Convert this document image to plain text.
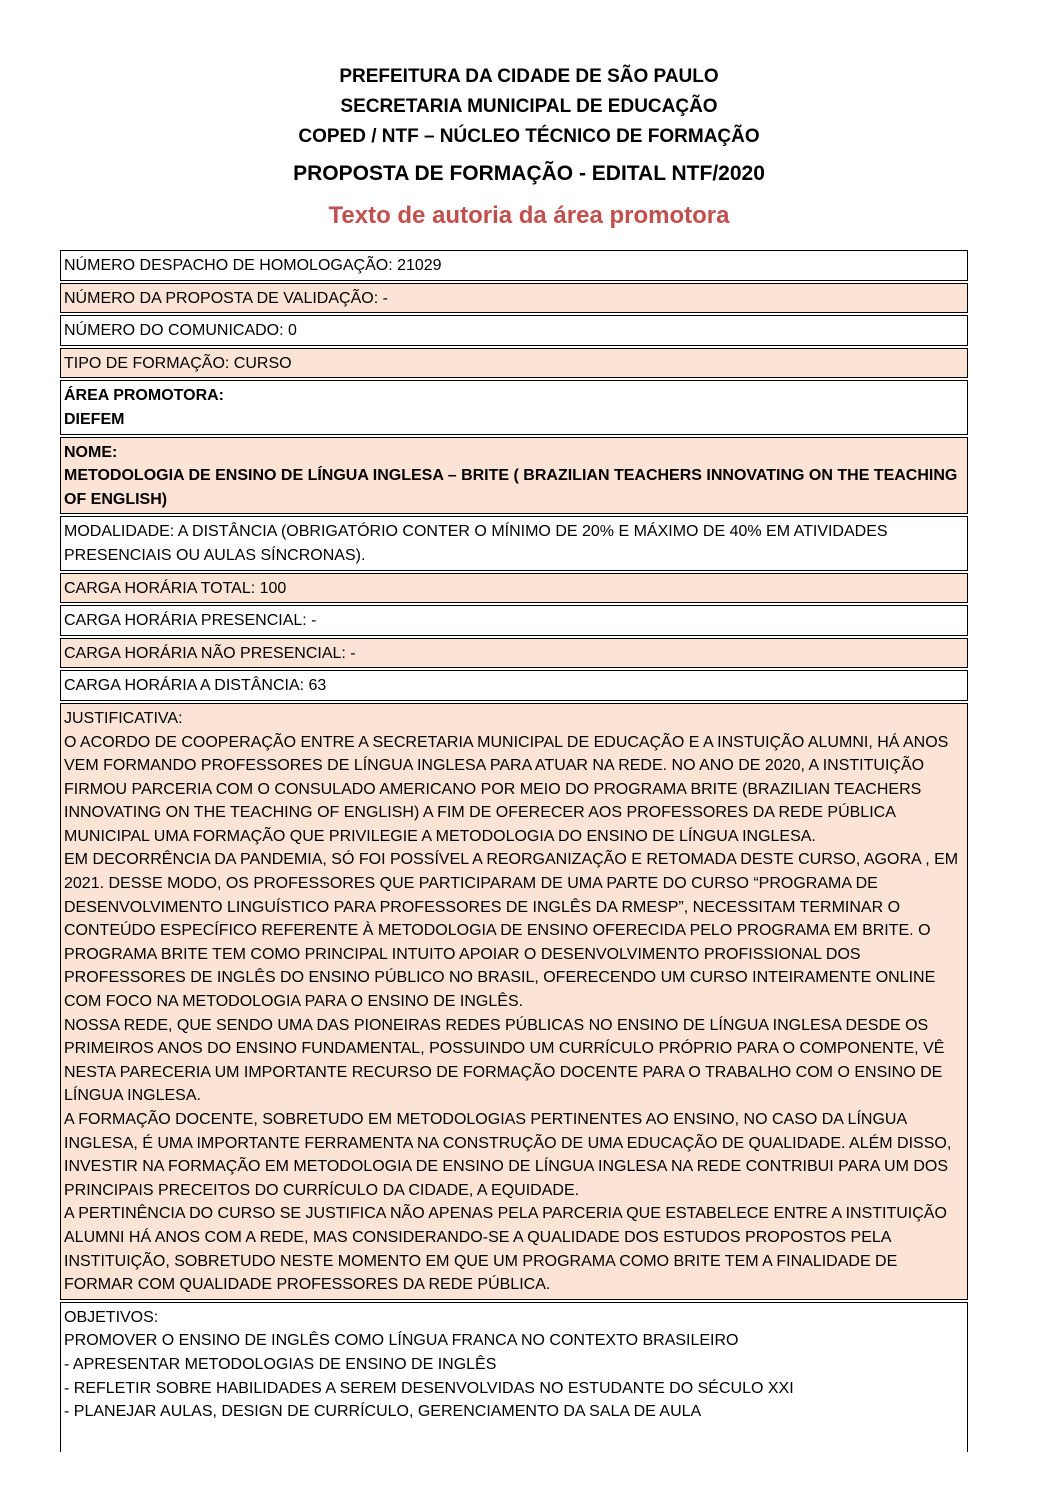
PREFEITURA DA CIDADE DE SÃO PAULO
SECRETARIA MUNICIPAL DE EDUCAÇÃO
COPED / NTF – NÚCLEO TÉCNICO DE FORMAÇÃO
PROPOSTA DE FORMAÇÃO - EDITAL NTF/2020
Texto de autoria da área promotora
NÚMERO DESPACHO DE HOMOLOGAÇÃO: 21029
NÚMERO DA PROPOSTA DE VALIDAÇÃO: -
NÚMERO DO COMUNICADO: 0
TIPO DE FORMAÇÃO: CURSO
ÁREA PROMOTORA:
DIEFEM
NOME:
METODOLOGIA DE ENSINO DE LÍNGUA INGLESA – BRITE ( BRAZILIAN TEACHERS INNOVATING ON THE TEACHING OF ENGLISH)
MODALIDADE: A DISTÂNCIA (OBRIGATÓRIO CONTER O MÍNIMO DE 20% E MÁXIMO DE 40% EM ATIVIDADES PRESENCIAIS OU AULAS SÍNCRONAS).
CARGA HORÁRIA TOTAL: 100
CARGA HORÁRIA PRESENCIAL: -
CARGA HORÁRIA NÃO PRESENCIAL: -
CARGA HORÁRIA A DISTÂNCIA: 63
JUSTIFICATIVA:
O ACORDO DE COOPERAÇÃO ENTRE A SECRETARIA MUNICIPAL DE EDUCAÇÃO E A INSTUIÇÃO ALUMNI, HÁ ANOS VEM FORMANDO PROFESSORES DE LÍNGUA INGLESA PARA ATUAR NA REDE. NO ANO DE 2020, A INSTITUIÇÃO FIRMOU PARCERIA COM O CONSULADO AMERICANO POR MEIO DO PROGRAMA BRITE (BRAZILIAN TEACHERS INNOVATING ON THE TEACHING OF ENGLISH) A FIM DE OFERECER AOS PROFESSORES DA REDE PÚBLICA MUNICIPAL UMA FORMAÇÃO QUE PRIVILEGIE A METODOLOGIA DO ENSINO DE LÍNGUA INGLESA.
EM DECORRÊNCIA DA PANDEMIA, SÓ FOI POSSÍVEL A REORGANIZAÇÃO E RETOMADA DESTE CURSO, AGORA , EM 2021. DESSE MODO, OS PROFESSORES QUE PARTICIPARAM DE UMA PARTE DO CURSO “PROGRAMA DE DESENVOLVIMENTO LINGUÍSTICO PARA PROFESSORES DE INGLÊS DA RMESP”, NECESSITAM TERMINAR O CONTEÚDO ESPECÍFICO REFERENTE À METODOLOGIA DE ENSINO OFERECIDA PELO PROGRAMA EM BRITE. O PROGRAMA BRITE TEM COMO PRINCIPAL INTUITO APOIAR O DESENVOLVIMENTO PROFISSIONAL DOS PROFESSORES DE INGLÊS DO ENSINO PÚBLICO NO BRASIL, OFERECENDO UM CURSO INTEIRAMENTE ONLINE COM FOCO NA METODOLOGIA PARA O ENSINO DE INGLÊS.
NOSSA REDE, QUE SENDO UMA DAS PIONEIRAS REDES PÚBLICAS NO ENSINO DE LÍNGUA INGLESA DESDE OS PRIMEIROS ANOS DO ENSINO FUNDAMENTAL, POSSUINDO UM CURRÍCULO PRÓPRIO PARA O COMPONENTE, VÊ NESTA PARECERIA UM IMPORTANTE RECURSO DE FORMAÇÃO DOCENTE PARA O TRABALHO COM O ENSINO DE LÍNGUA INGLESA.
A FORMAÇÃO DOCENTE, SOBRETUDO EM METODOLOGIAS PERTINENTES AO ENSINO, NO CASO DA LÍNGUA INGLESA, É UMA IMPORTANTE FERRAMENTA NA CONSTRUÇÃO DE UMA EDUCAÇÃO DE QUALIDADE. ALÉM DISSO, INVESTIR NA FORMAÇÃO EM METODOLOGIA DE ENSINO DE LÍNGUA INGLESA NA REDE CONTRIBUI PARA UM DOS PRINCIPAIS PRECEITOS DO CURRÍCULO DA CIDADE, A EQUIDADE.
A PERTINÊNCIA DO CURSO SE JUSTIFICA NÃO APENAS PELA PARCERIA QUE ESTABELECE ENTRE A INSTITUIÇÃO ALUMNI HÁ ANOS COM A REDE, MAS CONSIDERANDO-SE A QUALIDADE DOS ESTUDOS PROPOSTOS PELA INSTITUIÇÃO, SOBRETUDO NESTE MOMENTO EM QUE UM PROGRAMA COMO BRITE TEM A FINALIDADE DE FORMAR COM QUALIDADE PROFESSORES DA REDE PÚBLICA.
OBJETIVOS:
PROMOVER O ENSINO DE INGLÊS COMO LÍNGUA FRANCA NO CONTEXTO BRASILEIRO
- APRESENTAR METODOLOGIAS DE ENSINO DE INGLÊS
- REFLETIR SOBRE HABILIDADES A SEREM DESENVOLVIDAS NO ESTUDANTE DO SÉCULO XXI
- PLANEJAR AULAS, DESIGN DE CURRÍCULO, GERENCIAMENTO DA SALA DE AULA
